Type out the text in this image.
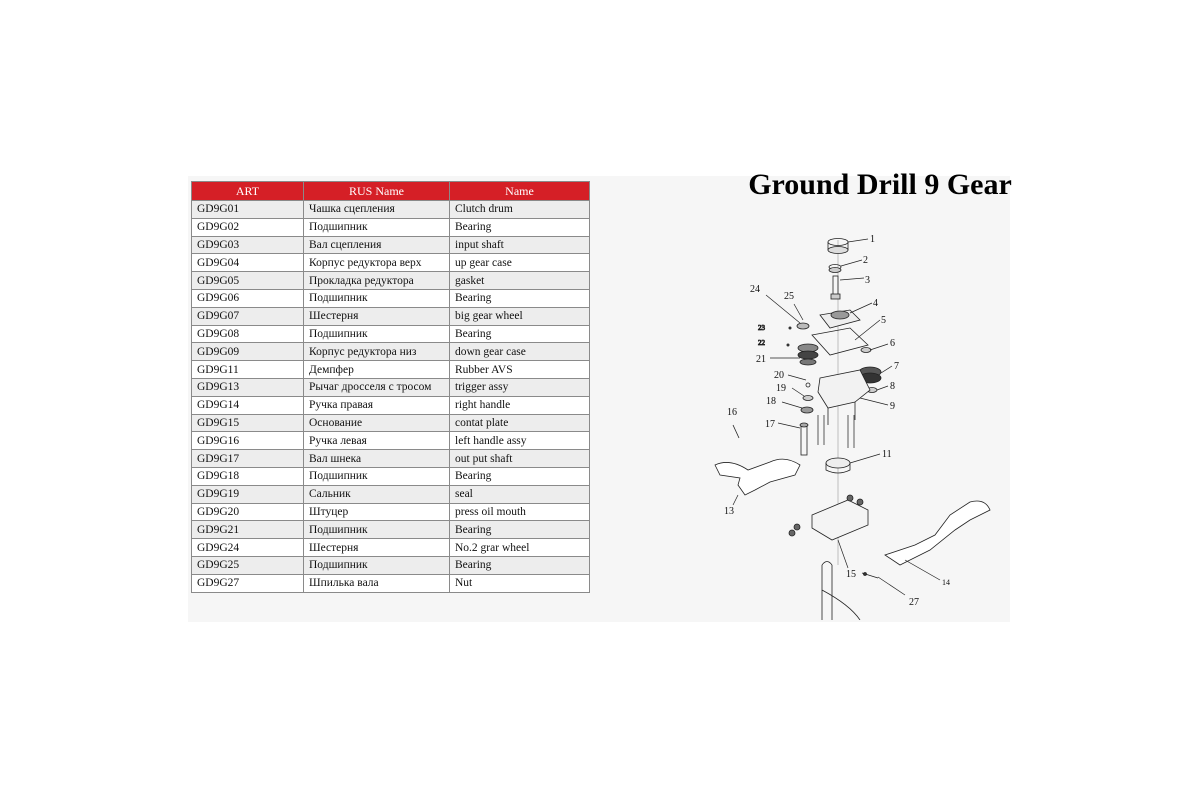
ART	RUS Name	Name
GD9G01	Чашка сцепления	Clutch drum
GD9G02	Подшипник	Bearing
GD9G03	Вал сцепления	input shaft
GD9G04	Корпус редуктора верх	up gear case
GD9G05	Прокладка редуктора	gasket
GD9G06	Подшипник	Bearing
GD9G07	Шестерня	big gear wheel
GD9G08	Подшипник	Bearing
GD9G09	Корпус редуктора низ	down gear case
GD9G11	Демпфер	Rubber AVS
GD9G13	Рычаг дросселя с тросом	trigger assy
GD9G14	Ручка правая	right handle
GD9G15	Основание	contat plate
GD9G16	Ручка левая	left handle assy
GD9G17	Вал шнека	out put shaft
GD9G18	Подшипник	Bearing
GD9G19	Сальник	seal
GD9G20	Штуцер	press oil mouth
GD9G21	Подшипник	Bearing
GD9G24	Шестерня	No.2 grar wheel
GD9G25	Подшипник	Bearing
GD9G27	Шпилька вала	Nut
Ground Drill 9 Gear
23
22
1
2
3
4
5
6
7
8
9
11
13
14
15
16
17
18
19
20
21
24
25
27
